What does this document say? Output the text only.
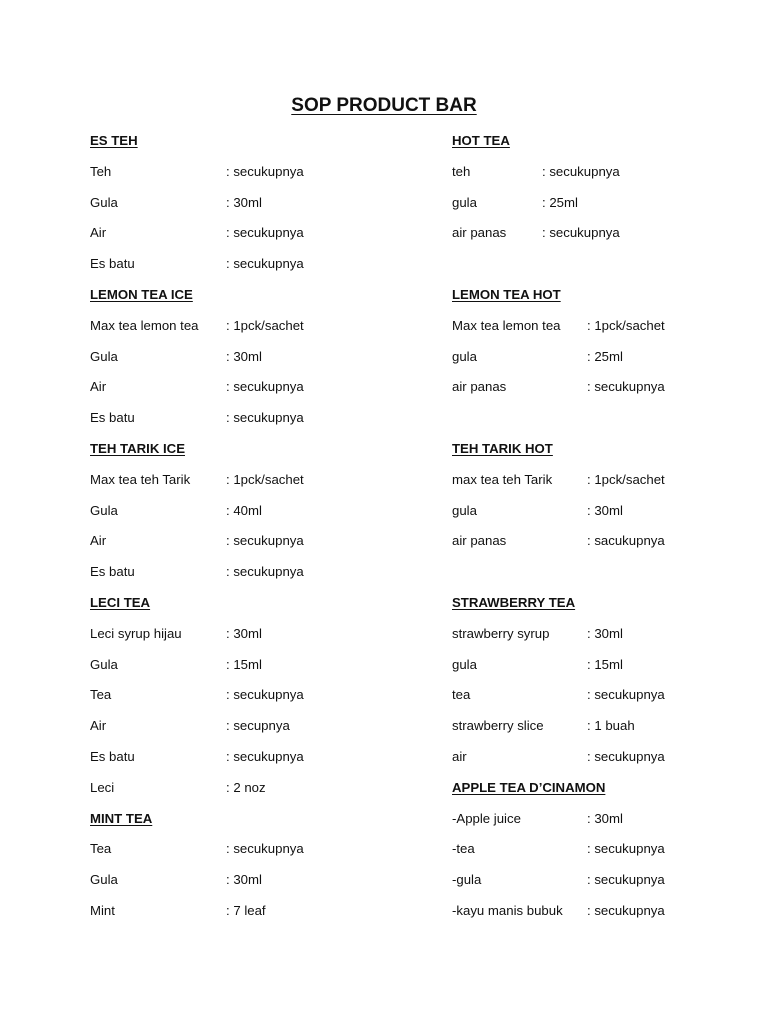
SOP PRODUCT BAR
ES TEH
Teh	: secukupnya
Gula	: 30ml
Air	: secukupnya
Es batu	: secukupnya
LEMON TEA ICE
Max tea lemon tea : 1pck/sachet
Gula	: 30ml
Air	: secukupnya
Es batu	: secukupnya
TEH TARIK ICE
Max tea teh Tarik	: 1pck/sachet
Gula	: 40ml
Air	: secukupnya
Es batu	: secukupnya
LECI TEA
Leci syrup hijau	: 30ml
Gula	: 15ml
Tea	: secukupnya
Air	: secupnya
Es batu	: secukupnya
Leci	: 2 noz
MINT TEA
Tea	: secukupnya
Gula	: 30ml
Mint	: 7 leaf
HOT TEA
teh	: secukupnya
gula	: 25ml
air panas	: secukupnya
LEMON TEA HOT
Max tea lemon tea : 1pck/sachet
gula	: 25ml
air panas	: secukupnya
TEH TARIK HOT
max tea teh Tarik	: 1pck/sachet
gula	: 30ml
air panas	: sacukupnya
STRAWBERRY TEA
strawberry syrup	: 30ml
gula	: 15ml
tea	: secukupnya
strawberry slice	: 1 buah
air	: secukupnya
APPLE TEA D’CINAMON
-Apple juice	: 30ml
-tea	: secukupnya
-gula	: secukupnya
-kayu manis bubuk : secukupnya
